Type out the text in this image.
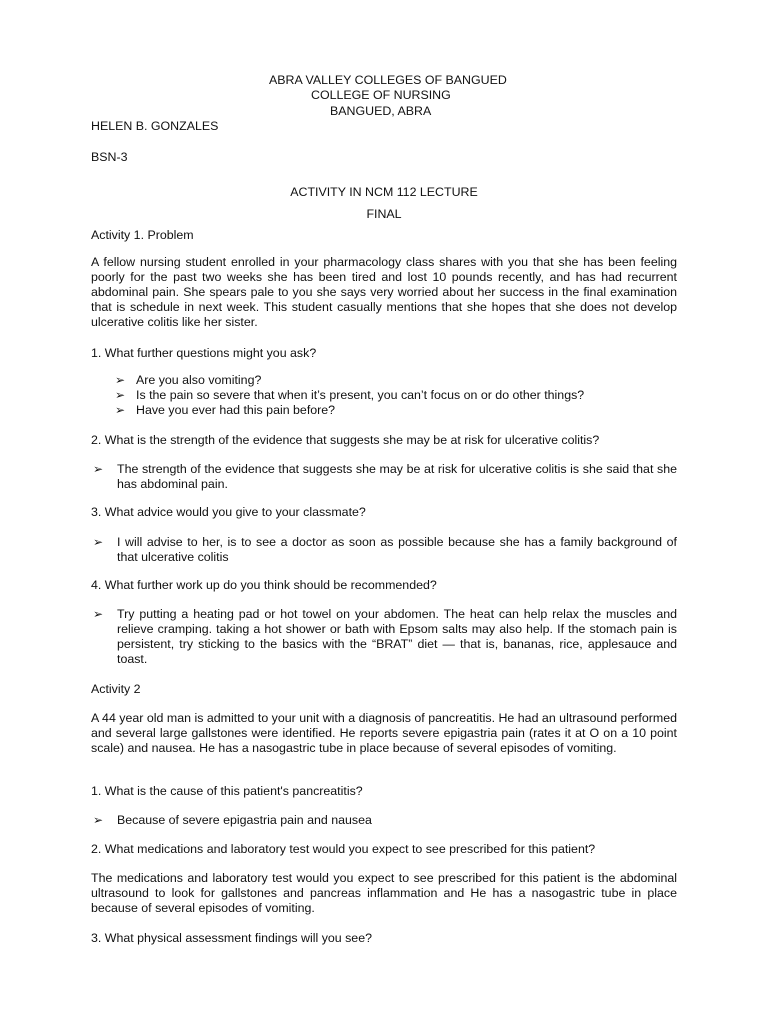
ABRA VALLEY COLLEGES OF BANGUED

COLLEGE OF NURSING

BANGUED, ABRA

HELEN B. GONZALES

BSN-3

ACTIVITY IN NCM 112 LECTURE

FINAL

Activity 1. Problem

A fellow nursing student enrolled in your pharmacology class shares with you that she has been feeling poorly for the past two weeks she has been tired and lost 10 pounds recently, and has had recurrent abdominal pain. She spears pale to you she says very worried about her success in the final examination that is schedule in next week. This student casually mentions that she hopes that she does not develop ulcerative colitis like her sister.

1. What further questions might you ask?

➢ Are you also vomiting?
➢ Is the pain so severe that when it’s present, you can’t focus on or do other things?
➢ Have you ever had this pain before?

2. What is the strength of the evidence that suggests she may be at risk for ulcerative colitis?

➢	The strength of the evidence that suggests she may be at risk for ulcerative colitis is she said that she has abdominal pain.

3. What advice would you give to your classmate?

➢	I will advise to her, is to see a doctor as soon as possible because she has a family background of that ulcerative colitis

4. What further work up do you think should be recommended?

➢	Try putting a heating pad or hot towel on your abdomen. The heat can help relax the muscles and relieve cramping. taking a hot shower or bath with Epsom salts may also help. If the stomach pain is persistent, try sticking to the basics with the “BRAT” diet — that is, bananas, rice, applesauce and toast.

Activity 2

A 44 year old man is admitted to your unit with a diagnosis of pancreatitis. He had an ultrasound performed and several large gallstones were identified. He reports severe epigastria pain (rates it at O on a 10 point scale) and nausea. He has a nasogastric tube in place because of several episodes of vomiting.

1. What is the cause of this patient's pancreatitis?

➢	Because of severe epigastria pain and nausea

2. What medications and laboratory test would you expect to see prescribed for this patient?

The medications and laboratory test would you expect to see prescribed for this patient is the abdominal ultrasound to look for gallstones and pancreas inflammation and He has a nasogastric tube in place because of several episodes of vomiting.

3. What physical assessment findings will you see?
